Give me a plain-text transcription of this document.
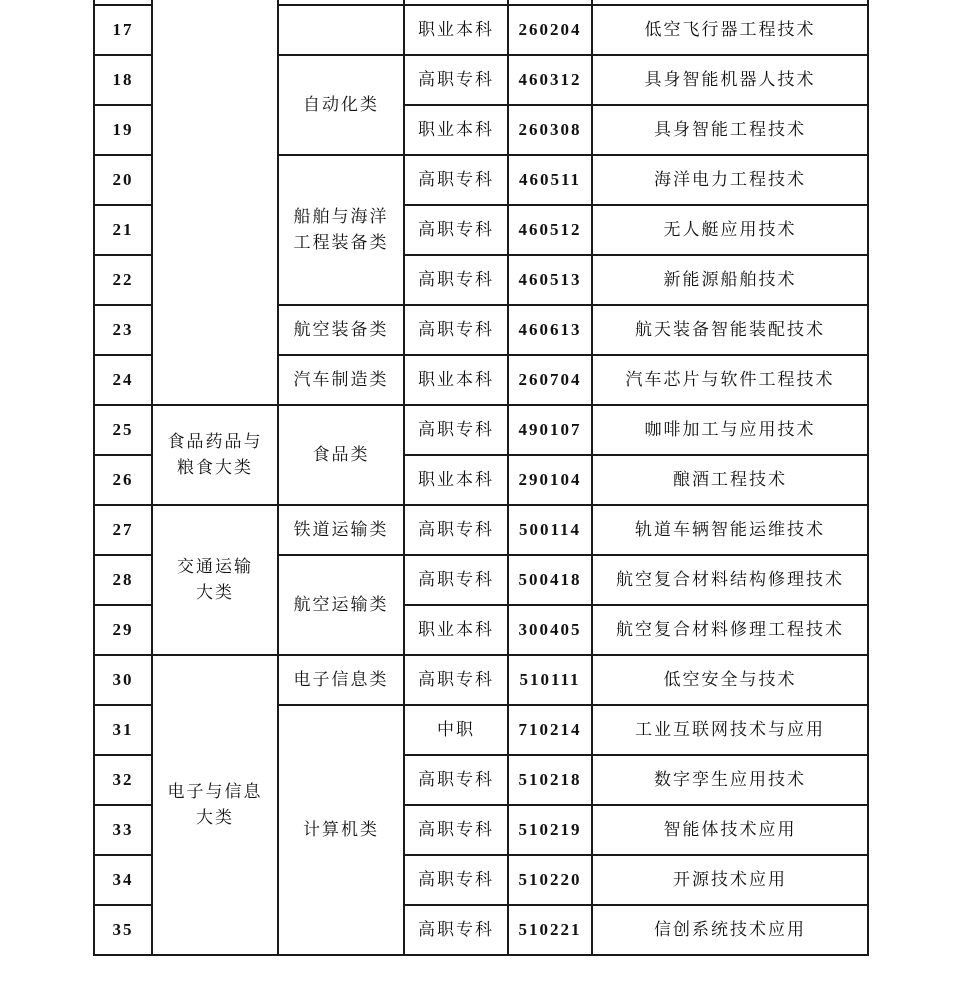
17			职业本科	260204	低空飞行器工程技术
18		自动化类	高职专科	460312	具身智能机器人技术
19			职业本科	260308	具身智能工程技术
20		船舶与海洋
工程装备类	高职专科	460511	海洋电力工程技术
21			高职专科	460512	无人艇应用技术
22			高职专科	460513	新能源船舶技术
23		航空装备类	高职专科	460613	航天装备智能装配技术
24		汽车制造类	职业本科	260704	汽车芯片与软件工程技术
25	食品药品与
粮食大类	食品类	高职专科	490107	咖啡加工与应用技术
26			职业本科	290104	酿酒工程技术
27	交通运输
大类	铁道运输类	高职专科	500114	轨道车辆智能运维技术
28		航空运输类	高职专科	500418	航空复合材料结构修理技术
29			职业本科	300405	航空复合材料修理工程技术
30	电子与信息
大类	电子信息类	高职专科	510111	低空安全与技术
31		计算机类	中职	710214	工业互联网技术与应用
32			高职专科	510218	数字孪生应用技术
33			高职专科	510219	智能体技术应用
34			高职专科	510220	开源技术应用
35			高职专科	510221	信创系统技术应用
